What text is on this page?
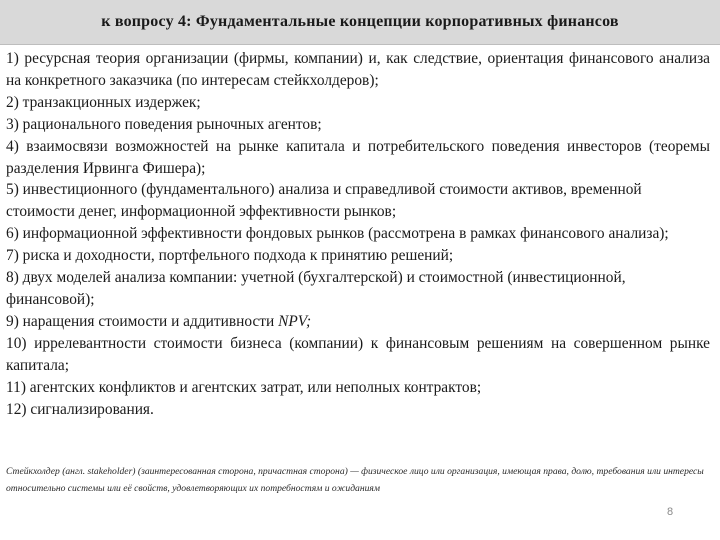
к вопросу 4: Фундаментальные концепции корпоративных финансов

1) ресурсная теория организации (фирмы, компании) и, как следствие, ориентация финансового анализа на конкретного заказчика (по интересам стейкхолдеров);

2) транзакционных издержек;

3) рационального поведения рыночных агентов;

4) взаимосвязи возможностей на рынке капитала и потребительского поведения инвесторов (теоремы разделения Ирвинга Фишера);

5) инвестиционного (фундаментального) анализа и справедливой стоимости активов, временной стоимости денег, информационной эффективности рынков;

6) информационной эффективности фондовых рынков (рассмотрена в рамках финансового анализа);

7) риска и доходности, портфельного подхода к принятию решений;

8) двух моделей анализа компании: учетной (бухгалтерской) и стоимостной (инвестиционной, финансовой);

9) наращения стоимости и аддитивности NPV;

10) иррелевантности стоимости бизнеса (компании) к финансовым решениям на совершенном рынке капитала;

11) агентских конфликтов и агентских затрат, или неполных контрактов;

12) сигнализирования.

Стейкхолдер (англ. stakeholder) (заинтересованная сторона, причастная сторона) — физическое лицо или организация, имеющая права, долю, требования или интересы относительно системы или её свойств, удовлетворяющих их потребностям и ожиданиям

8
